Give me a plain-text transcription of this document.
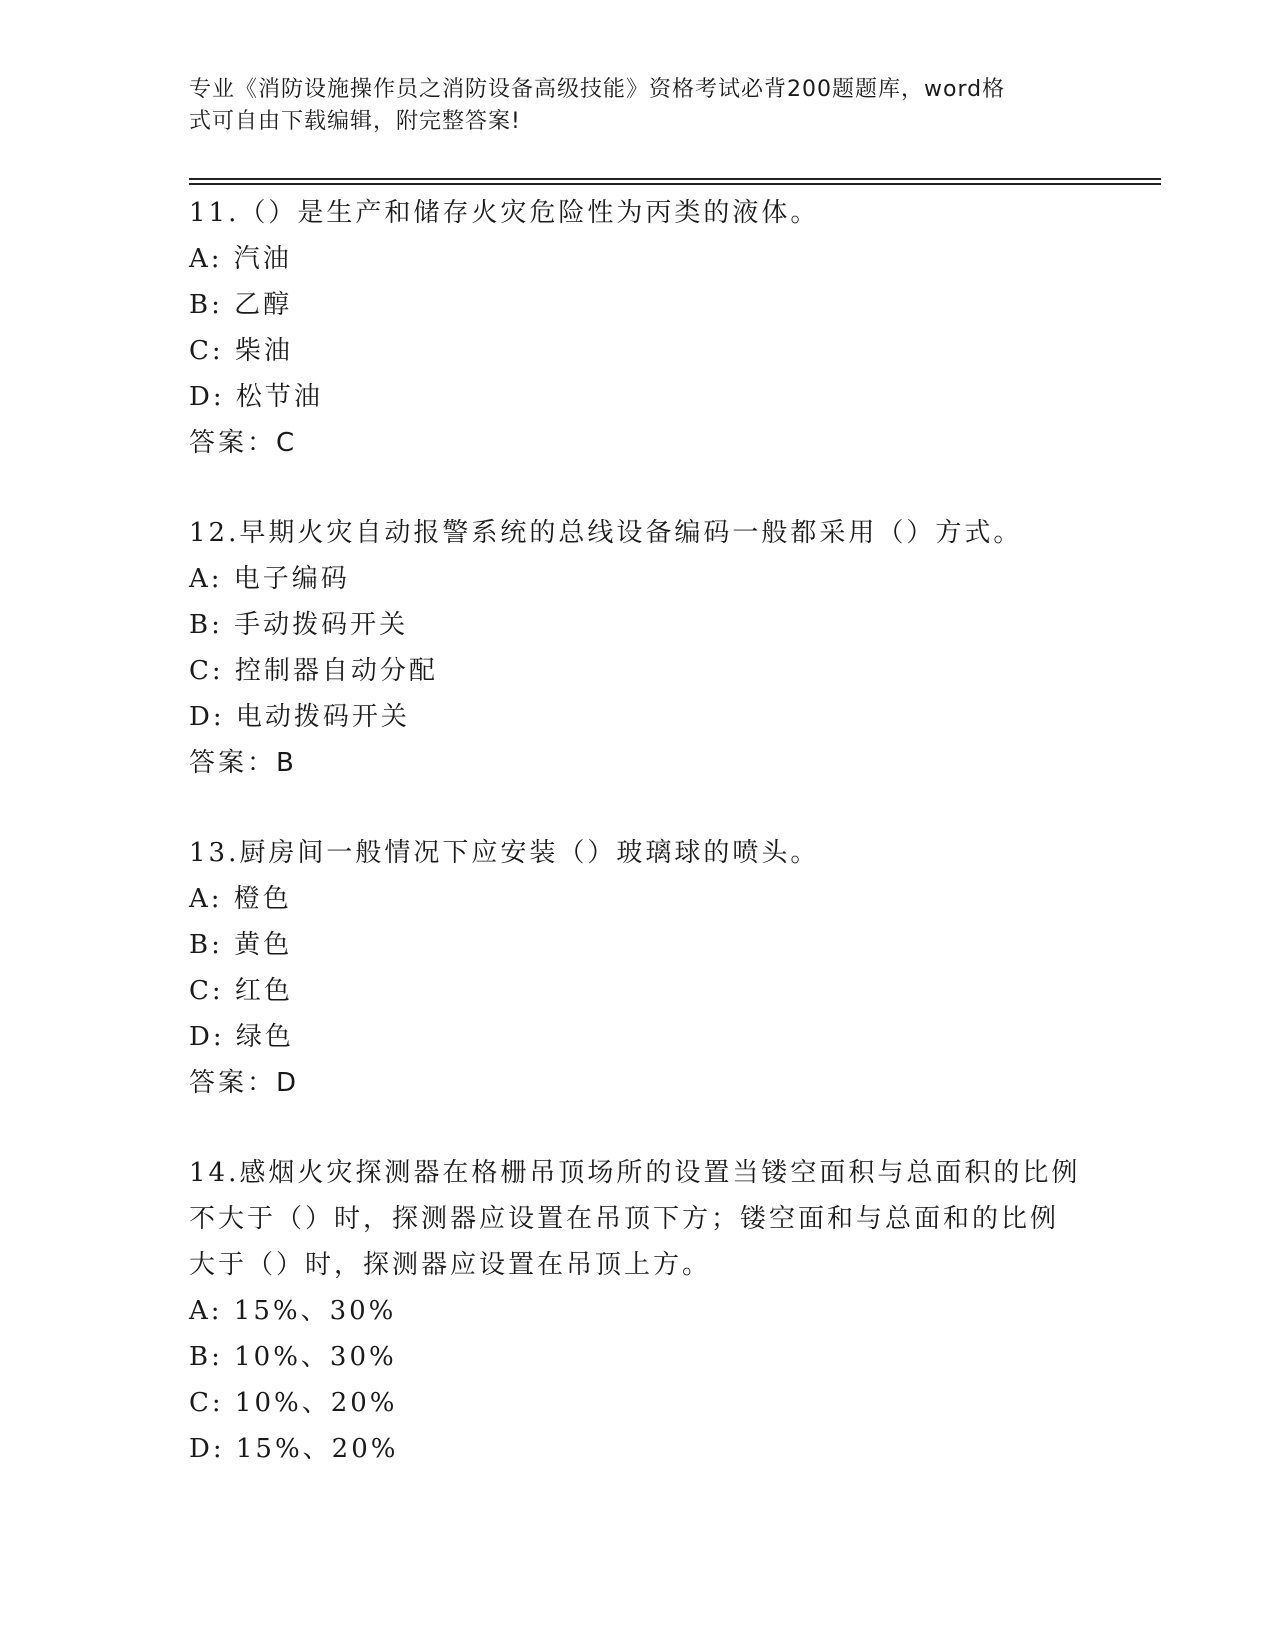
专业《消防设施操作员之消防设备高级技能》资格考试必背200题题库，word格
式可自由下载编辑，附完整答案!
11.（）是生产和储存火灾危险性为丙类的液体。
A: 汽油
B: 乙醇
C: 柴油
D: 松节油
答案：C
12.早期火灾自动报警系统的总线设备编码一般都采用（）方式。
A: 电子编码
B: 手动拨码开关
C: 控制器自动分配
D: 电动拨码开关
答案：B
13.厨房间一般情况下应安装（）玻璃球的喷头。
A: 橙色
B: 黄色
C: 红色
D: 绿色
答案：D
14.感烟火灾探测器在格栅吊顶场所的设置当镂空面积与总面积的比例
不大于（）时，探测器应设置在吊顶下方；镂空面和与总面和的比例
大于（）时，探测器应设置在吊顶上方。
A: 15%、30%
B: 10%、30%
C: 10%、20%
D: 15%、20%
